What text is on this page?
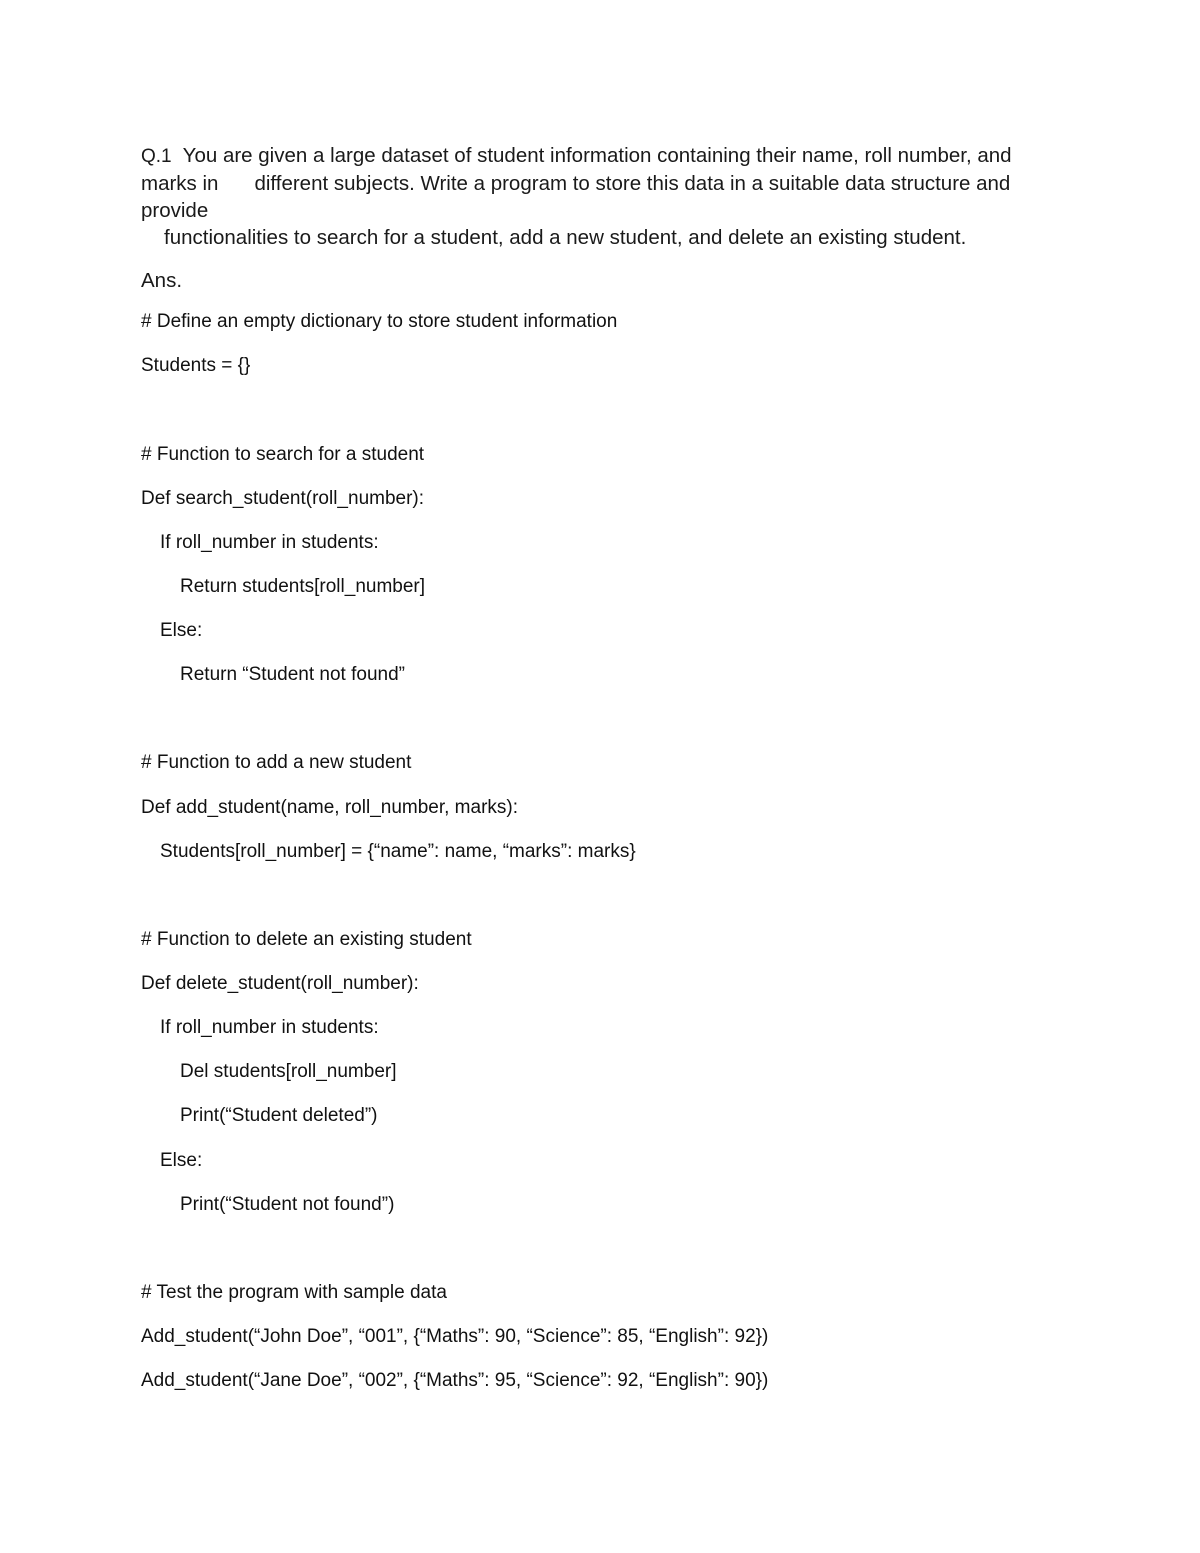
Q.1 You are given a large dataset of student information containing their name, roll number, and
marks in different subjects. Write a program to store this data in a suitable data structure and
provide
functionalities to search for a student, add a new student, and delete an existing student.
Ans.
# Define an empty dictionary to store student information
Students = {}
# Function to search for a student
Def search_student(roll_number):
If roll_number in students:
Return students[roll_number]
Else:
Return “Student not found”
# Function to add a new student
Def add_student(name, roll_number, marks):
Students[roll_number] = {“name”: name, “marks”: marks}
# Function to delete an existing student
Def delete_student(roll_number):
If roll_number in students:
Del students[roll_number]
Print(“Student deleted”)
Else:
Print(“Student not found”)
# Test the program with sample data
Add_student(“John Doe”, “001”, {“Maths”: 90, “Science”: 85, “English”: 92})
Add_student(“Jane Doe”, “002”, {“Maths”: 95, “Science”: 92, “English”: 90})
